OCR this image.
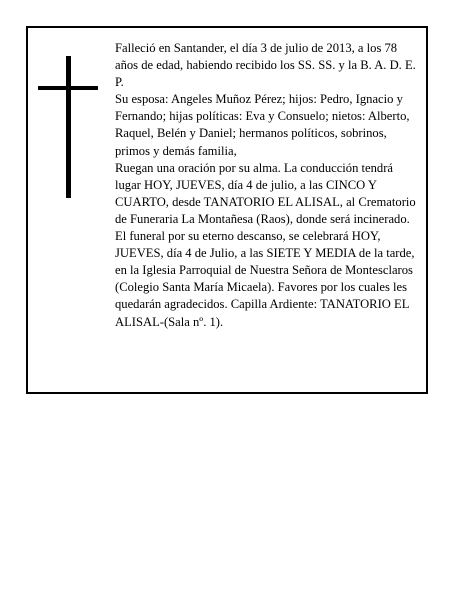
Falleció en Santander, el día 3 de julio de 2013, a los 78 años de edad, habiendo recibido los SS. SS. y la B. A. D. E. P.

Su esposa: Angeles Muñoz Pérez; hijos: Pedro, Ignacio y Fernando; hijas políticas: Eva y Consuelo; nietos: Alberto, Raquel, Belén y Daniel; hermanos políticos, sobrinos, primos y demás familia,

Ruegan una oración por su alma. La conducción tendrá lugar HOY, JUEVES, día 4 de julio, a las CINCO Y CUARTO, desde TANATORIO EL ALISAL, al Crematorio de Funeraria La Montañesa (Raos), donde será incinerado. El funeral por su eterno descanso, se celebrará HOY, JUEVES, día 4 de Julio, a las SIETE Y MEDIA de la tarde, en la Iglesia Parroquial de Nuestra Señora de Montesclaros (Colegio Santa María Micaela). Favores por los cuales les quedarán agradecidos. Capilla Ardiente: TANATORIO EL ALISAL-(Sala nº. 1).
